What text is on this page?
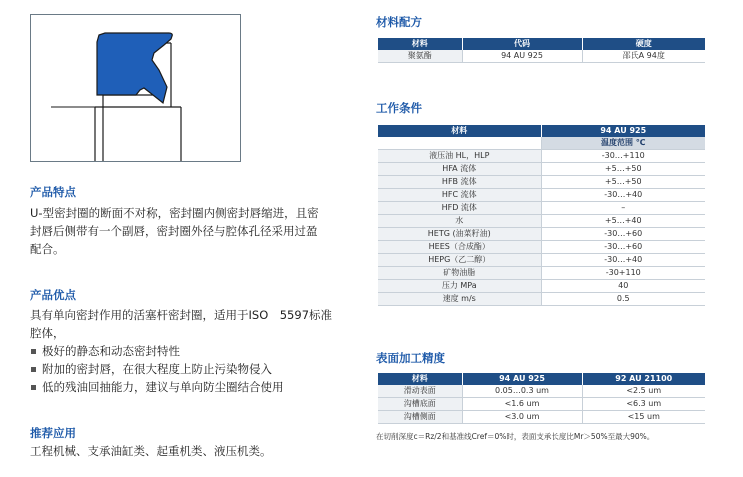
产品特点
U-型密封圈的断面不对称，密封圈内侧密封唇缩进，且密
封唇后侧带有一个副唇，密封圈外径与腔体孔径采用过盈
配合。
产品优点
具有单向密封作用的活塞杆密封圈，适用于ISO　5597标准
腔体，
极好的静态和动态密封特性
附加的密封唇，在很大程度上防止污染物侵入
低的残油回抽能力，建议与单向防尘圈结合使用
推荐应用
工程机械、支承油缸类、起重机类、液压机类。
材料配方
材料	代码	硬度
聚氨酯	94 AU 925	邵氏A 94度
工作条件
材料	94 AU 925
	温度范围 ℃
液压油 HL，HLP	-30…+110
HFA 流体	+5…+50
HFB 流体	+5…+50
HFC 流体	-30…+40
HFD 流体	–
水	+5…+40
HETG (油菜籽油)	-30…+60
HEES（合成酯）	-30…+60
HEPG（乙二醇）	-30…+40
矿物油脂	-30+110
压力 MPa	40
速度 m/s	0.5
表面加工精度
材料	94 AU 925	92 AU 21100
滑动表面	0.05…0.3 um	<2.5 um
沟槽底面	<1.6 um	<6.3 um
沟槽侧面	<3.0 um	<15 um
在切削深度c＝Rz/2和基准线Cref＝0%时，表面支承长度比Mr＞50%至最大90%。
